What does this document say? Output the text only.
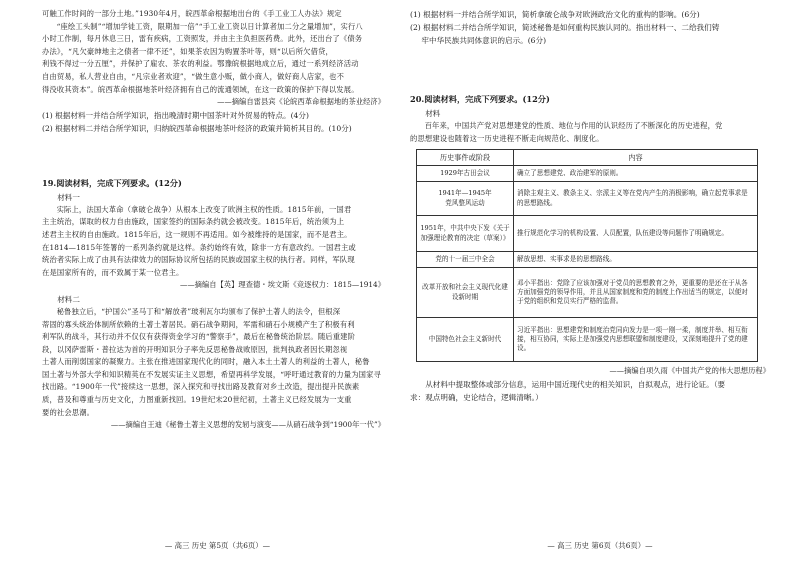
可触工作时间的一部分土地。”1930年4月，皖西革命根据地出台的《手工业工人办法》规定

“座绘工头制”“增加学徒工资，限期加一倍”“手工业工资以日计算者加二分之量增加”，实行八

小时工作制，每月休息三日，雷有疾病，工资照发，并由主主负担医药费。此外，还出台了《债务

办法》，“凡欠豪绅地主之债者一律不还”，如果茶农因为购置茶叶等，则“以后所欠借贷，

利钱不得过一分五厘”，并保护了雇农、茶农的利益。鄂豫皖根据地成立后，通过一系列经济活动

自由贸易，私人营业自由，“凡宗业者欢迎”，“做生意小贩，做小商人，做好商人店家，也不

得没收其资本”。皖西革命根据地茶叶经济拥有自己的流通领域，在这一政策的保护下得以发展。

——摘编自雷县宾《论皖西革命根据地的茶业经济》

(1) 根据材料一并结合所学知识，指出晚清时期中国茶叶对外贸易的特点。(4分)

(2) 根据材料二并结合所学知识，归纳皖西革命根据地茶叶经济的政策并简析其目的。(10分)

19.阅读材料，完成下列要求。(12分)

材料一

实际上，法国大革命（拿破仑战争）从根本上改变了欧洲主权的性质。1815年前，一国君

主主统治，谋取的权力自由施政，国家签约的国际条约就会被改变。1815年后，统治须为上

述君主主权的自由施政。1815年后，这一规则不再适用。如今被维持的是国家，而不是君主。

在1814—1815年签署的一系列条约就是这样。条约始终有效，除非一方有意改约。一国君主或

统治者实际上成了由具有法律效力的国际协议所包括的民族或国家主权的执行者。同样，军队现

在是国家所有的，而不致属于某一位君主。

——摘编自【英】理查德・埃文斯《竞逐权力：1815—1914》

材料二

秘鲁独立后，“护国公”圣马丁和“解放者”玻利瓦尔均颁布了保护土著人的法令，但根深

蒂固的寡头统治体制所依赖的土著土著居民。硝石战争期间，军需和硝石小规模产生了积极有利

利军队的战斗，其行动并不仅仅有获得资金学习的“警察手”，最后在秘鲁统治阶层。随后重建阶

段，以冈萨雷斯・普拉达为首的开明知识分子率先反思秘鲁战败原因，批判执政者因长期忽视

土著人而削弱国家的凝聚力。主张在推进国家现代化的同时，融入本土土著人的利益的土著人，秘鲁

国土著与外部大学和知识精英在不发展实证主义思想，希望再科学发展，“呼吁通过教育的力量为国家寻

找出路。“1900年一代”接续这一思想，深入探究和寻找出路及教育对乡土改造，提出提升民族素

质，普及和尊重与历史文化，力图重新找回。19世纪末20世纪初，土著主义已经发展为一支重

要的社会思潮。

——摘编自王迪《秘鲁土著主义思想的发轫与演变——从硝石战争到“1900年一代”》

— 高三 历史 第5页（共6页）—

(1) 根据材料一并结合所学知识，简析拿破仑战争对欧洲政治文化的重构的影响。(6分)

(2) 根据材料二并结合所学知识，简述秘鲁是如何重构民族认同的。指出材料一、二给我们铸

牢中华民族共同体意识的启示。(6分)

20.阅读材料，完成下列要求。(12分)

材料

百年来，中国共产党对思想建党的性质、地位与作用的认识经历了不断深化的历史进程，党

的思想建设也随着这一历史进程不断走向规范化、制度化。

历史事件或阶段	内容
1929年古田会议	确立了思想建党、政治建军的原则。
1941年—1945年
党风整风运动	消除主观主义、教条主义、宗派主义等在党内产生的消极影响，确立起党事求是的思想路线。
1951年，中共中央下发《关于加强理论教育的决定（草案）》	推行规范化学习的机构设置、人员配置，队伍建设等问题作了明确规定。
党的十一届三中全会	解放思想、实事求是的思想路线。
改革开放和社会主义现代化建设新时期	邓小平指出：党除了应该加强对于党员的思想教育之外，更重要的是还在于从各方面加强党的领导作用，并且从国家制度和党的制度上作出适当的规定，以便对于党的组织和党员实行严格的监督。
中国特色社会主义新时代	习近平指出：思想建党和制度治党同向发力是一项一刚一柔，制度并举、相互衔接，相互协同，实际上是加强党内思想联盟和制度建设，又深刻地提升了党的建设。

——摘编自项久雨《中国共产党的伟大思想历程》

从材料中提取整体或部分信息，运用中国近现代史的相关知识，自拟观点，进行论证。（要

求：观点明确，史论结合，逻辑清晰。）

— 高三 历史 第6页（共6页）—
